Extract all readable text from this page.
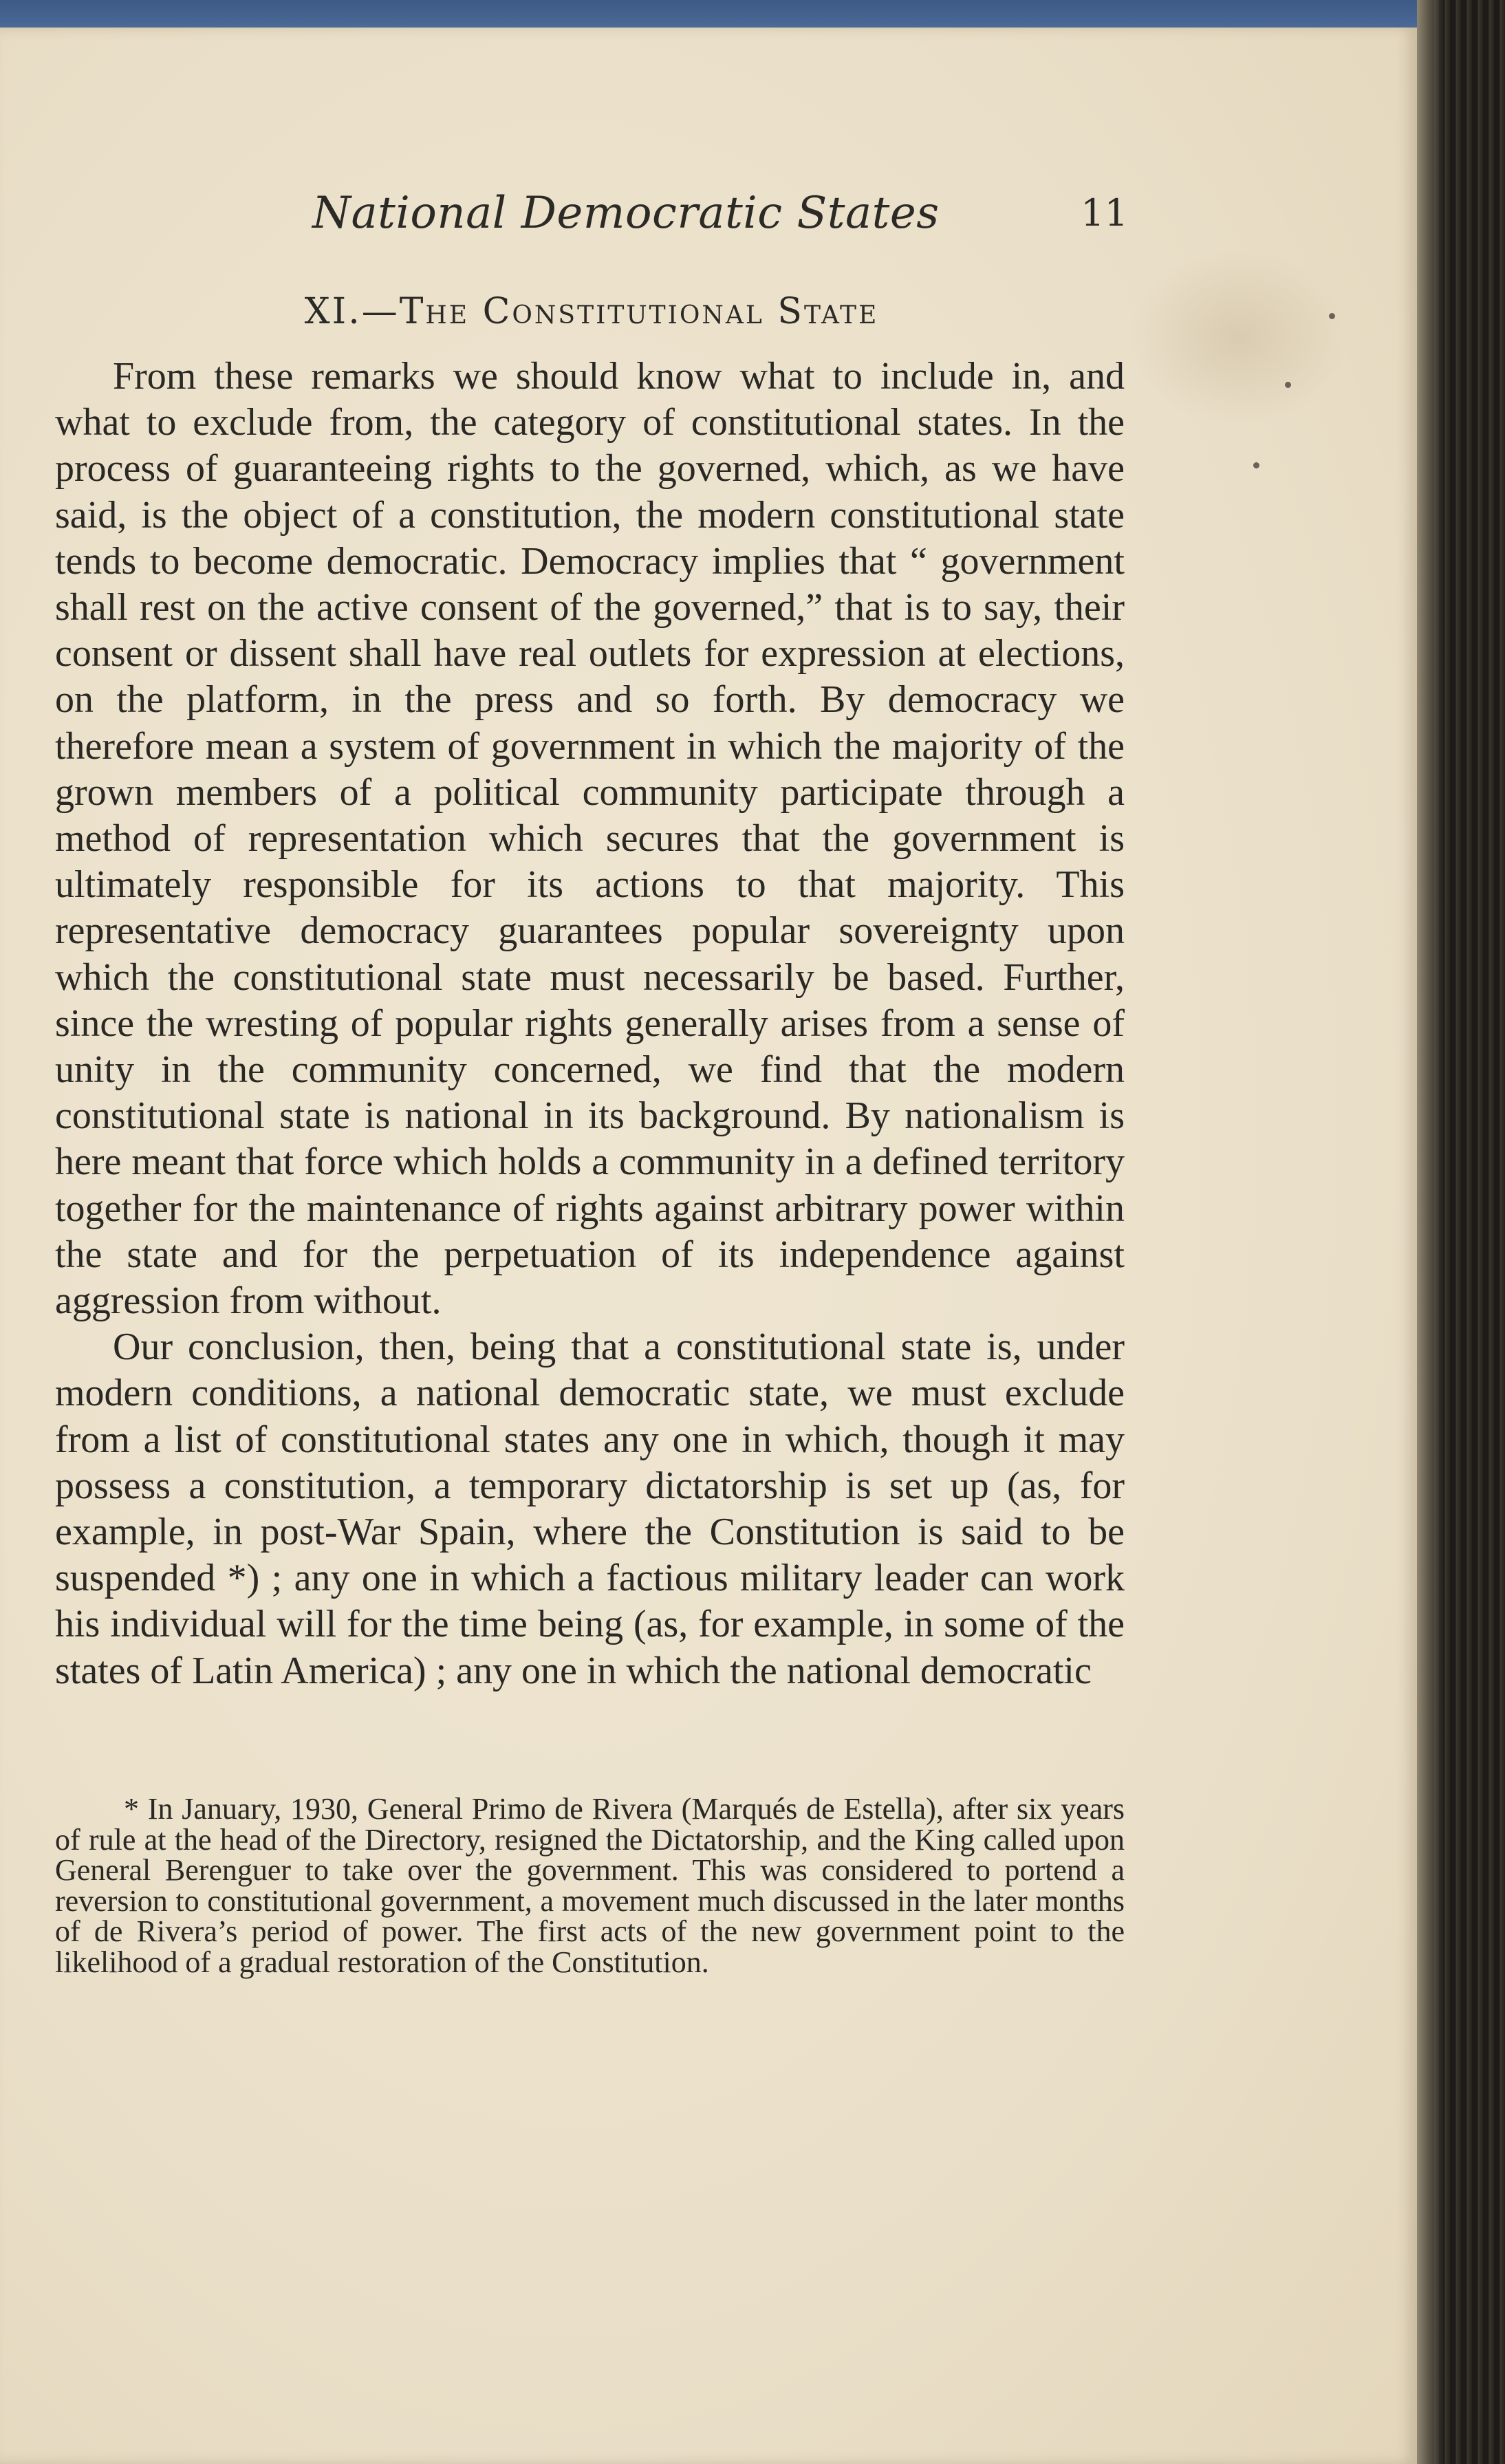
National Democratic States	11
XI.—The Constitutional State

From these remarks we should know what to include in, and what to exclude from, the category of constitutional states. In the process of guaranteeing rights to the governed, which, as we have said, is the object of a constitution, the modern constitutional state tends to become democratic. Democracy implies that “ government shall rest on the active consent of the governed,” that is to say, their consent or dissent shall have real outlets for expression at elections, on the platform, in the press and so forth. By democracy we therefore mean a system of government in which the majority of the grown members of a political community participate through a method of representation which secures that the government is ultimately responsible for its actions to that majority. This representative democracy guarantees popular sovereignty upon which the constitutional state must necessarily be based. Further, since the wresting of popular rights generally arises from a sense of unity in the community concerned, we find that the modern constitutional state is national in its background. By nationalism is here meant that force which holds a community in a defined territory together for the maintenance of rights against arbitrary power within the state and for the perpetuation of its independence against aggression from without.

Our conclusion, then, being that a constitutional state is, under modern conditions, a national democratic state, we must exclude from a list of constitutional states any one in which, though it may possess a constitution, a temporary dictatorship is set up (as, for example, in post-War Spain, where the Constitution is said to be suspended *) ; any one in which a factious military leader can work his individual will for the time being (as, for example, in some of the states of Latin America) ; any one in which the national democratic

* In January, 1930, General Primo de Rivera (Marqués de Estella), after six years of rule at the head of the Directory, resigned the Dictatorship, and the King called upon General Berenguer to take over the government. This was considered to portend a reversion to constitutional government, a movement much discussed in the later months of de Rivera’s period of power. The first acts of the new government point to the likelihood of a gradual restoration of the Constitution.
